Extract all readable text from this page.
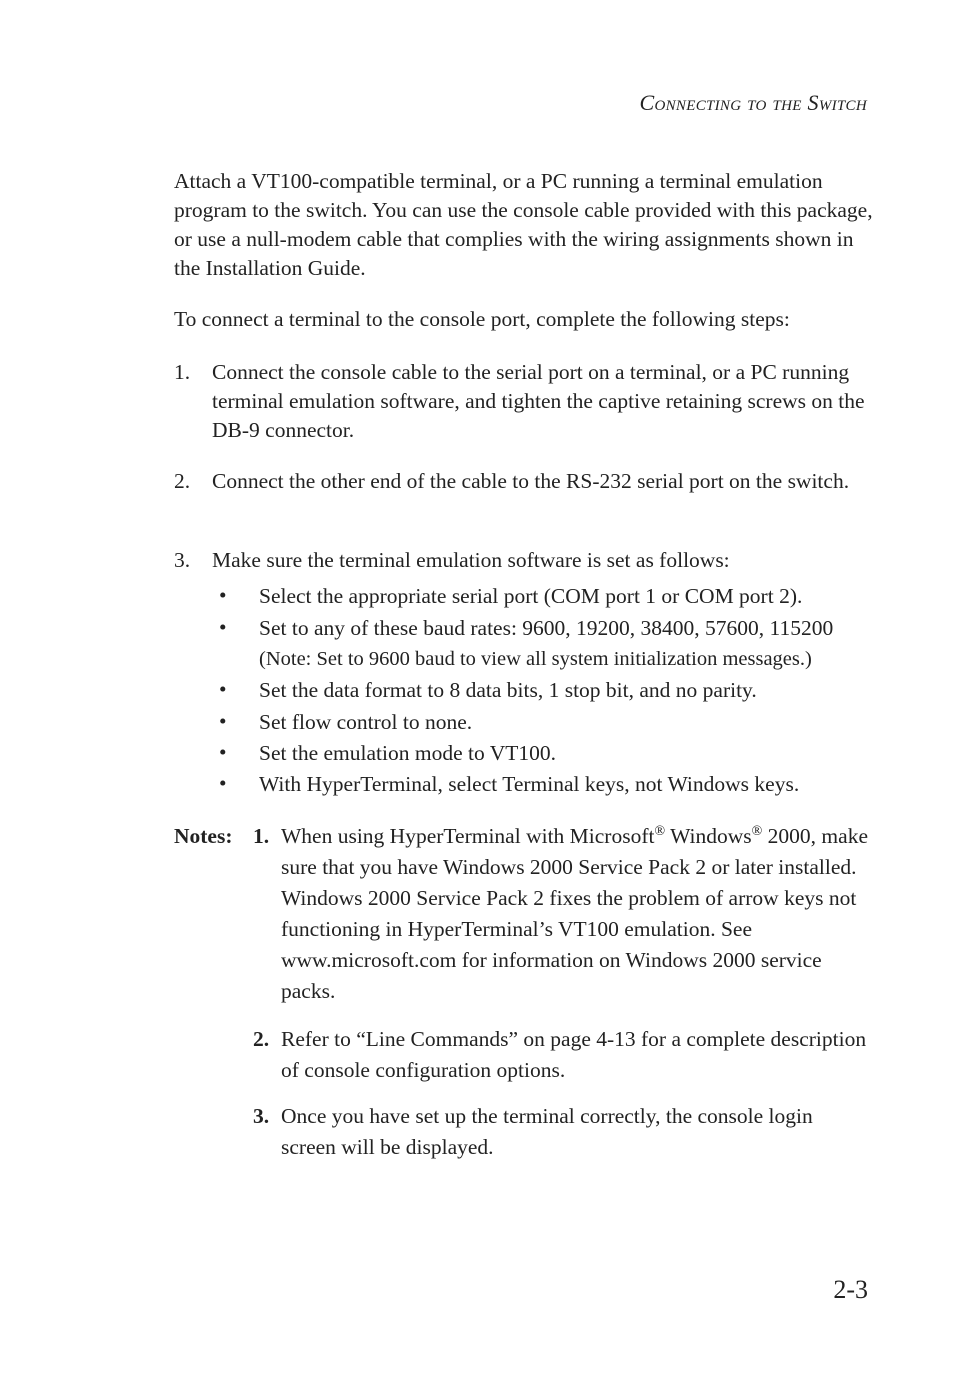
Connecting to the Switch
Attach a VT100-compatible terminal, or a PC running a terminal emulation program to the switch. You can use the console cable provided with this package, or use a null-modem cable that complies with the wiring assignments shown in the Installation Guide.
To connect a terminal to the console port, complete the following steps:
1.	Connect the console cable to the serial port on a terminal, or a PC running terminal emulation software, and tighten the captive retaining screws on the DB-9 connector.
2.	Connect the other end of the cable to the RS-232 serial port on the switch.
3.	Make sure the terminal emulation software is set as follows:
•	Select the appropriate serial port (COM port 1 or COM port 2).
•	Set to any of these baud rates: 9600, 19200, 38400, 57600, 115200
(Note: Set to 9600 baud to view all system initialization messages.)
•	Set the data format to 8 data bits, 1 stop bit, and no parity.
•	Set flow control to none.
•	Set the emulation mode to VT100.
•	With HyperTerminal, select Terminal keys, not Windows keys.
Notes: 1. When using HyperTerminal with Microsoft® Windows® 2000, make sure that you have Windows 2000 Service Pack 2 or later installed. Windows 2000 Service Pack 2 fixes the problem of arrow keys not functioning in HyperTerminal’s VT100 emulation. See www.microsoft.com for information on Windows 2000 service packs.
2. Refer to “Line Commands” on page 4-13 for a complete description of console configuration options.
3. Once you have set up the terminal correctly, the console login screen will be displayed.
2-3
